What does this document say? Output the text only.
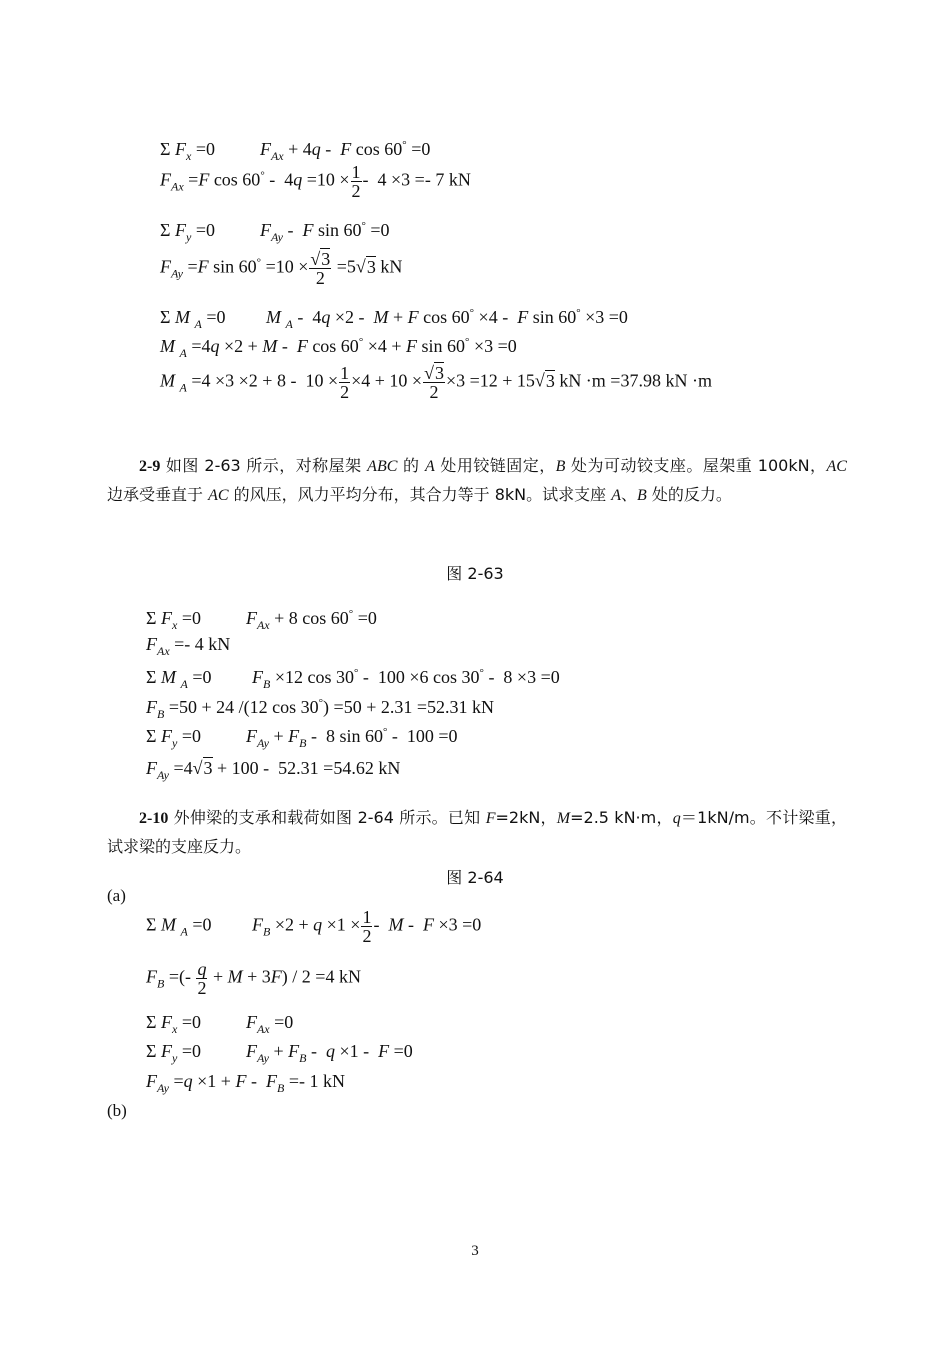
Σ $F_x =0$          $F_{Ax} + 4q - F$ cos 60° =0
$F_{Ax} =F$ $\cos 60^\circ - 4q =10 \times \frac{1}{2} - 4 \times 3 =- 7$ kN
Σ $F_y =0$          $F_{Ay}$ -  F sin 60° =0
$F_{Ay} =F$ $\sin 60^\circ =10 \times \frac{√3}{2} =5√3$ kN
Σ M $_A$ =0         M $_A$ -  4q ×2 -  M + F cos 60° ×4 -  F sin 60° ×3 =0
M $_A$ =4q ×2 + M -  F cos 60° ×4 + F sin 60° ×3 =0
M $_A =4 \times 3 \times 2 + 8 - 10 \times \frac{1}{2} \times 4 + 10 \times \frac{√3}{2} \times 3 =12 + 15√3$ kN ·m =37.98 kN ·m
2-9 如图 2-63 所示，对称屋架 ABC 的 A 处用铰链固定，B 处为可动铰支座。屋架重 100kN，AC 边承受垂直于 AC 的风压，风力平均分布，其合力等于 8kN。试求支座 A、B 处的反力。
图 2-63
Σ $F_x =0$          $F_{Ax} + 8$ cos 60° =0
$F_{Ax} =- 4$ kN
Σ M $_A$ =0         $F_B \times 12$ cos 30° -  100 ×6 cos 30° -  8 ×3 =0
$F_B =50 + 24$ /(12 cos 30°) =50 + 2.31 =52.31 kN
Σ $F_y =0$          $F_{Ay} + F_B - 8$ sin 60° -  100 =0
$F_{Ay} =4√3 + 100 - 52.31 =54.62$ kN
2-10 外伸梁的支承和载荷如图 2-64 所示。已知 F=2kN，M=2.5 kN·m，q＝1kN/m。不计梁重，试求梁的支座反力。
图 2-64
(a)
Σ M $_A$ =0         $F_B \times 2 + q \times 1 \times \frac{1}{2} - M - F \times 3 =0$
$F_B$ =(- $\frac{q}{2} + M + 3F) / 2 =4$ kN
Σ $F_x =0$          $F_{Ax} =0$
Σ $F_y =0$          $F_{Ay} + F_B - q \times 1 - F =0$
$F_{Ay} =q \times 1 + F - F_B =- 1$ kN
(b)
3
